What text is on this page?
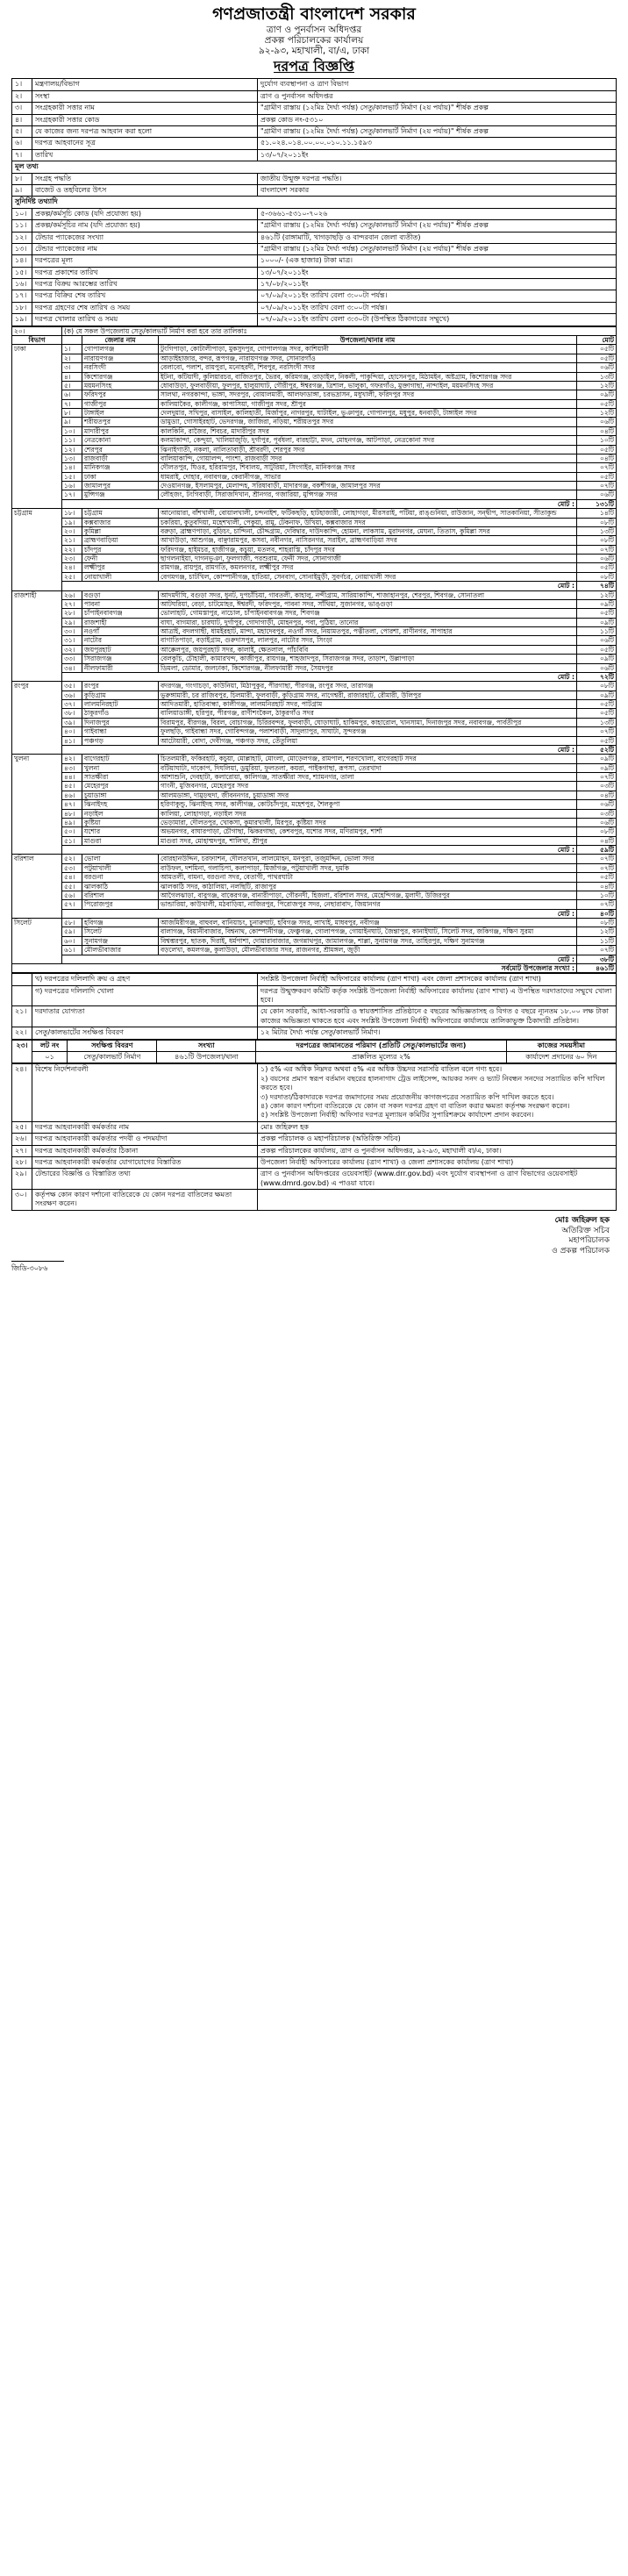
গণপ্রজাতন্ত্রী বাংলাদেশ সরকার
ত্রাণ ও পুনর্বাসন অধিদপ্তর
প্রকল্প পরিচালকের কার্যালয়
৯২-৯৩, মহাখালী, বা/এ, ঢাকা
দরপত্র বিজ্ঞপ্তি
১।	মন্ত্রণালয়/বিভাগ	দুর্যোগ ব্যবস্থাপনা ও ত্রাণ বিভাগ
২।	সংস্থা	ত্রাণ ও পুনর্বাসন অধিদপ্তর
৩।	সংগ্রহকারী সত্তার নাম	"গ্রামীণ রাস্তায় (১২মিঃ দৈর্ঘ্য পর্যন্ত) সেতু/কালভার্ট নির্মাণ (২য় পর্যায়)" শীর্ষক প্রকল্প
৪।	সংগ্রহকারী সত্তার কোড	প্রকল্প কোড নং-৫৩১০
৫।	যে কাজের জন্য দরপত্র আহবান করা হলো	"গ্রামীণ রাস্তায় (১২মিঃ দৈর্ঘ্য পর্যন্ত) সেতু/কালভার্ট নির্মাণ (২য় পর্যায়)" শীর্ষক প্রকল্প
৬।	দরপত্র আহবানের সূত্র	৫১.০২৪.০১৪.০০.০০.০১০.১১.১৫৯৩
৭।	তারিখ	১৩/০৭/২০১১ইং
মূল তথ্য		
৮।	সংগ্রহ পদ্ধতি	জাতীয় উন্মুক্ত দরপত্র পদ্ধতি।
৯।	বাজেট ও তহবিলের উৎস	বাংলাদেশ সরকার
সুনির্দিষ্ট তথ্যাদি		
১০।	প্রকল্প/কর্মসূচি কোড (যদি প্রযোজ্য হয়)	৫-৩৬৬১-৫৩১০-৭০২৬
১১।	প্রকল্প/কর্মসূচির নাম (যদি প্রযোজ্য হয়)	"গ্রামীণ রাস্তায় (১২মিঃ দৈর্ঘ্য পর্যন্ত) সেতু/কালভার্ট নির্মাণ (২য় পর্যায়)" শীর্ষক প্রকল্প
১২।	টেন্ডার প্যাকেজের সংখ্যা	৪৬১টি (রাঙ্গামাটি, খাগড়াছড়ি ও বান্দরবান জেলা ব্যতীত)
১৩।	টেন্ডার প্যাকেজের নাম	"গ্রামীণ রাস্তায় (১২মিঃ দৈর্ঘ্য পর্যন্ত) সেতু/কালভার্ট নির্মাণ (২য় পর্যায়)" শীর্ষক প্রকল্প
১৪।	দরপত্রের মূল্য	১০০০/- (এক হাজার) টাকা মাত্র।
১৫।	দরপত্র প্রকাশের তারিখ	১৩/০৭/২০১১ইং
১৬।	দরপত্র বিক্রয় আরম্ভের তারিখ	১৭/০৮/২০১১ইং
১৭।	দরপত্র বিক্রির শেষ তারিখ	০৭/০৯/২০১১ইং তারিখ বেলা ৩:০০টা পর্যন্ত।
১৮।	দরপত্র গ্রহণের শেষ তারিখ ও সময়	০৭/০৯/২০১১ইং তারিখ বেলা ৩:০০টা পর্যন্ত।
১৯।	দরপত্র খোলার তারিখ ও সময়	০৭/০৯/২০১১ইং তারিখ বেলা ৩:৩০টা (উপস্থিত ঠিকাদারের সম্মুখে)
২০।	(ক) যে সকল উপজেলায় সেতু/কালভার্ট নির্মাণ করা হবে তার তালিকাঃ			
বিভাগ		জেলার নাম	উপজেলা/থানার নাম	মোট
ঢাকা	১।	গোপালগঞ্জ	টুংগিপাড়া, কোটালীপাড়া, মুকসুদপুর, গোপালগঞ্জ সদর, কাশিয়ানী	০৫টি
	২।	নারায়ণগঞ্জ	আড়াইহাজার, বন্দর, রূপগঞ্জ, নারায়ণগঞ্জ সদর, সোনারগাঁও	০৫টি
	৩।	নরসিংদী	বেলাবো, পলাশ, রায়পুরা, মনোহরদী, শিবপুর, নরসিংদী সদর	০৬টি
	৪।	কিশোরগঞ্জ	ইটনা, কটিয়াদী, কুলিয়ারচর, বাজিতপুর, ভৈরব, করিমগঞ্জ, তাড়াইল, নিকলী, পাকুন্দিয়া, হোসেনপুর, মিঠামইন, অষ্টগ্রাম, কিশোরগঞ্জ সদর	১৩টি
	৫।	ময়মনসিংহ	ধোবাউড়া, ফুলবাড়ীয়া, ফুলপুর, হালুয়াঘাট, গৌরীপুর, ঈশ্বরগঞ্জ, ত্রিশাল, ভালুকা, গফরগাঁও, মুক্তাগাছা, নান্দাইল, ময়মনসিংহ সদর	১২টি
	৬।	ফরিদপুর	সালথা, নগরকান্দা, ভাঙ্গা, সদরপুর, বোয়ালমারী, আলফাডাঙ্গা, চরভদ্রাসন, মধুখালী, ফরিদপুর সদর	০৯টি
	৭।	গাজীপুর	কালিয়াকৈর, কালীগঞ্জ, কাপাসিয়া, গাজীপুর সদর, শ্রীপুর	০৫টি
	৮।	টাঙ্গাইল	দেলদুয়ার, সখিপুর, বাসাইল, কালিহাতী, মির্জাপুর, নাগরপুর, ঘাটাইল, ভূঞাপুর, গোপালপুর, মধুপুর, ধনবাড়ী, টাঙ্গাইল সদর	১২টি
	৯।	শরীয়তপুর	ডামুড্যা, গোসাইরহাট, ভেদরগঞ্জ, জাজিরা, নড়িয়া, শরীয়তপুর সদর	০৬টি
	১০।	মাদারীপুর	কালকিনি, রাজৈর, শিবচর, মাদারীপুর সদর	০৪টি
	১১।	নেত্রকোনা	কলমাকান্দা, কেন্দুয়া, খালিয়াজুড়ি, দুর্গাপুর, পূর্বধলা, বারহাট্টা, মদন, মোহনগঞ্জ, আটপাড়া, নেত্রকোনা সদর	১০টি
	১২।	শেরপুর	ঝিনাইগাতী, নকলা, নালিতাবাড়ী, শ্রীবরদী, শেরপুর সদর	০৫টি
	১৩।	রাজবাড়ী	বালিয়াকান্দি, গোয়ালন্দ, পাংশা, রাজবাড়ী সদর	০৪টি
	১৪।	মানিকগঞ্জ	দৌলতপুর, ঘিওর, হরিরামপুর, শিবালয়, সাটুরিয়া, সিংগাইর, মানিকগঞ্জ সদর	০৭টি
	১৫।	ঢাকা	ধামরাই, দোহার, নবাবগঞ্জ, কেরানীগঞ্জ, সাভার	০৫টি
	১৬।	জামালপুর	দেওয়ানগঞ্জ, ইসলামপুর, মেলান্দহ, সরিষাবাড়ী, মাদারগঞ্জ, বকশীগঞ্জ, জামালপুর সদর	০৭টি
	১৭।	মুন্সিগঞ্জ	লৌহজং, টংগিবাড়ী, সিরাজদিখান, শ্রীনগর, গজারিয়া, মুন্সিগঞ্জ সদর	০৬টি
	মোট :			১৩১টি
চট্টগ্রাম	১৮।	চট্টগ্রাম	আনোয়ারা, বাঁশখালী, বোয়ালখালী, চন্দনাইশ, ফটিকছড়ি, হাটহাজারী, লোহাগড়া, মীরসরাই, পটিয়া, রাঙ্গুনিয়া, রাউজান, সন্দ্বীপ, সাতকানিয়া, সীতাকুন্ড	১৪টি
	১৯।	কক্সবাজার	চকরিয়া, কুতুবদিয়া, মহেশখালী, পেকুয়া, রামু, টেকনাফ, উখিয়া, কক্সবাজার সদর	০৮টি
	২০।	কুমিল্লা	বরুড়া, ব্রাহ্মণপাড়া, বুড়িচং, চান্দিনা, চৌদ্দগ্রাম, দেবিদ্বার, দাউদকান্দি, হোমনা, লাকসাম, মুরাদনগর, মেঘনা, তিতাস, কুমিল্লা সদর	১৩টি
	২১।	ব্রাহ্মণবাড়িয়া	আখাউড়া, আশুগঞ্জ, বাঞ্ছারামপুর, কসবা, নবীনগর, নাসিরনগর, সরাইল, ব্রাহ্মণবাড়িয়া সদর	০৮টি
	২২।	চাঁদপুর	ফরিদগঞ্জ, হাইমচর, হাজীগঞ্জ, কচুয়া, মতলব, শাহরাস্তি, চাঁদপুর সদর	০৭টি
	২৩।	ফেনী	ছাগলনাইয়া, দাগনভূঞা, ফুলগাজী, পরশুরাম, ফেনী সদর, সোনাগাজী	০৬টি
	২৪।	লক্ষ্মীপুর	রামগঞ্জ, রায়পুর, রামগতি, কমলনগর, লক্ষ্মীপুর সদর	০৫টি
	২৫।	নোয়াখালী	বেগমগঞ্জ, চাটখিল, কোম্পানীগঞ্জ, হাতিয়া, সেনবাগ, সোনাইমুড়ী, সুবর্ণচর, নোয়াখালী সদর	০৮টি
	মোট :			৭৪টি
রাজশাহী	২৬।	বগুড়া	আদমদীঘি, বগুড়া সদর, ধুনট, দুপচাঁচিয়া, গাবতলী, কাহালু, নন্দীগ্রাম, সারিয়াকান্দি, শাজাহানপুর, শেরপুর, শিবগঞ্জ, সোনাতলা	১২টি
	২৭।	পাবনা	আটঘরিয়া, বেড়া, চাটমোহর, ঈশ্বরদী, ফরিদপুর, পাবনা সদর, সাঁথিয়া, সুজানগর, ভাঙ্গুড়া	০৯টি
	২৮।	চাঁপাইনবাবগঞ্জ	ভোলাহাট, গোমস্তাপুর, নাচোল, চাঁপাইনবাবগঞ্জ সদর, শিবগঞ্জ	০৫টি
	২৯।	রাজশাহী	বাঘা, বাগমারা, চারঘাট, দুর্গাপুর, গোদাগাড়ী, মোহনপুর, পবা, পুঠিয়া, তানোর	০৯টি
	৩০।	নওগাঁ	আত্রাই, বদলগাছী, ধামইরহাট, মান্দা, মহাদেবপুর, নওগাঁ সদর, নিয়ামতপুর, পত্নীতলা, পোরশা, রাণীনগর, সাপাহার	১১টি
	৩১।	নাটোর	বাগাতিপাড়া, বড়াইগ্রাম, গুরুদাসপুর, লালপুর, নাটোর সদর, সিংড়া	০৬টি
	৩২।	জয়পুরহাট	আক্কেলপুর, জয়পুরহাট সদর, কালাই, ক্ষেতলাল, পাঁচবিবি	০৫টি
	৩৩।	সিরাজগঞ্জ	বেলকুচি, চৌহালী, কামারখন্দ, কাজীপুর, রায়গঞ্জ, শাহজাদপুর, সিরাজগঞ্জ সদর, তাড়াশ, উল্লাপাড়া	০৯টি
	৩৪।	নীলফামারী	ডিমলা, ডোমার, জলঢাকা, কিশোরগঞ্জ, নীলফামারী সদর, সৈয়দপুর	০৬টি
	মোট :			৭২টি
রংপুর	৩৫।	রংপুর	বদরগঞ্জ, গংগাচড়া, কাউনিয়া, মিঠাপুকুর, পীরগাছা, পীরগঞ্জ, রংপুর সদর, তারাগঞ্জ	০৮টি
	৩৬।	কুড়িগ্রাম	ভুরুঙ্গামারী, চর রাজিবপুর, চিলমারী, ফুলবাড়ী, কুড়িগ্রাম সদর, নাগেশ্বরী, রাজারহাট, রৌমারী, উলিপুর	০৯টি
	৩৭।	লালমনিরহাট	আদিতমারী, হাতিবান্ধা, কালীগঞ্জ, লালমনিরহাট সদর, পাটগ্রাম	০৫টি
	৩৮।	ঠাকুরগাঁও	বালিয়াডাঙ্গী, হরিপুর, পীরগঞ্জ, রাণীশংকৈল, ঠাকুরগাঁও সদর	০৫টি
	৩৯।	দিনাজপুর	বিরামপুর, বীরগঞ্জ, বিরল, বোচাগঞ্জ, চিরিরবন্দর, ফুলবাড়ী, ঘোড়াঘাট, হাকিমপুর, কাহারোল, খানসামা, দিনাজপুর সদর, নবাবগঞ্জ, পার্বতীপুর	১৩টি
	৪০।	গাইবান্ধা	ফুলছড়ি, গাইবান্ধা সদর, গোবিন্দগঞ্জ, পলাশবাড়ী, সাদুল্যাপুর, সাঘাটা, সুন্দরগঞ্জ	০৭টি
	৪১।	পঞ্চগড়	আটোয়ারী, বোদা, দেবীগঞ্জ, পঞ্চগড় সদর, তেঁতুলিয়া	০৫টি
	মোট :			৫২টি
খুলনা	৪২।	বাগেরহাট	চিতলমারী, ফকিরহাট, কচুয়া, মোল্লাহাট, মোংলা, মোড়েলগঞ্জ, রামপাল, শরণখোলা, বাগেরহাট সদর	০৯টি
	৪৩।	খুলনা	বটিয়াঘাটা, দাকোপ, দিঘলিয়া, ডুমুরিয়া, ফুলতলা, কয়রা, পাইকগাছা, রূপসা, তেরখাদা	০৯টি
	৪৪।	সাতক্ষীরা	আশাশুনি, দেবহাটা, কলারোয়া, কালিগঞ্জ, সাতক্ষীরা সদর, শ্যামনগর, তালা	০৭টি
	৪৫।	মেহেরপুর	গাংনী, মুজিবনগর, মেহেরপুর সদর	০৩টি
	৪৬।	চুয়াডাঙ্গা	আলমডাঙ্গা, দামুড়হুদা, জীবননগর, চুয়াডাঙ্গা সদর	০৪টি
	৪৭।	ঝিনাইদহ	হরিণাকুন্ডু, ঝিনাইদহ সদর, কালীগঞ্জ, কোটচাঁদপুর, মহেশপুর, শৈলকুপা	০৬টি
	৪৮।	নড়াইল	কালিয়া, লোহাগড়া, নড়াইল সদর	০৩টি
	৪৯।	কুষ্টিয়া	ভেড়ামারা, দৌলতপুর, খোকসা, কুমারখালী, মিরপুর, কুষ্টিয়া সদর	০৬টি
	৫০।	যশোর	অভয়নগর, বাঘারপাড়া, চৌগাছা, ঝিকরগাছা, কেশবপুর, যশোর সদর, মণিরামপুর, শার্শা	০৮টি
	৫১।	মাগুরা	মাগুরা সদর, মোহাম্মদপুর, শালিখা, শ্রীপুর	০৪টি
	মোট :			৫৯টি
বরিশাল	৫২।	ভোলা	বোরহানউদ্দিন, চরফ্যাশন, দৌলতখান, লালমোহন, মনপুরা, তজুমদ্দিন, ভোলা সদর	০৭টি
	৫৩।	পটুয়াখালী	বাউফল, দশমিনা, গলাচিপা, কলাপাড়া, মির্জাগঞ্জ, পটুয়াখালী সদর, দুমকি	০৭টি
	৫৪।	বরগুনা	আমতলী, বামনা, বরগুনা সদর, বেতাগী, পাথরঘাটা	০৫টি
	৫৫।	ঝালকাঠি	ঝালকাঠি সদর, কাঠালিয়া, নলছিটি, রাজাপুর	০৪টি
	৫৬।	বরিশাল	আগৈলঝাড়া, বাবুগঞ্জ, বাকেরগঞ্জ, বানারীপাড়া, গৌরনদী, হিজলা, বরিশাল সদর, মেহেন্দিগঞ্জ, মুলাদী, উজিরপুর	১০টি
	৫৭।	পিরোজপুর	ভান্ডারিয়া, কাউখালী, মঠবাড়িয়া, নাজিরপুর, পিরোজপুর সদর, নেছারাবাদ, জিয়ানগর	০৭টি
	মোট :			৪০টি
সিলেট	৫৮।	হবিগঞ্জ	আজমিরীগঞ্জ, বাহুবল, বানিয়াচং, চুনারুঘাট, হবিগঞ্জ সদর, লাখাই, মাধবপুর, নবীগঞ্জ	০৮টি
	৫৯।	সিলেট	বালাগঞ্জ, বিয়ানীবাজার, বিশ্বনাথ, কোম্পানীগঞ্জ, ফেঞ্চুগঞ্জ, গোলাপগঞ্জ, গোয়াইনঘাট, জৈন্তাপুর, কানাইঘাট, সিলেট সদর, জকিগঞ্জ, দক্ষিণ সুরমা	১২টি
	৬০।	সুনামগঞ্জ	বিশ্বম্ভরপুর, ছাতক, দিরাই, ধর্মপাশা, দোয়ারাবাজার, জগন্নাথপুর, জামালগঞ্জ, শাল্লা, সুনামগঞ্জ সদর, তাহিরপুর, দক্ষিণ সুনামগঞ্জ	১১টি
	৬১।	মৌলভীবাজার	বড়লেখা, কমলগঞ্জ, কুলাউড়া, মৌলভীবাজার সদর, রাজনগর, শ্রীমঙ্গল, জুড়ী	০৭টি
	মোট :			৩৮টি
সর্বমোট উপজেলার সংখ্যা :				৪৬১টি
	খ) দরপত্রের দলিলাদি ক্রয় ও গ্রহণ	সংশ্লিষ্ট উপজেলা নির্বাহী অফিসারের কার্যালয় (ত্রাণ শাখা) এবং জেলা প্রশাসকের কার্যালয় (ত্রাণ শাখা)
	গ) দরপত্রের দলিলাদি খোলা	দরপত্র উন্মুক্তকরণ কমিটি কর্তৃক সংশ্লিষ্ট উপজেলা নির্বাহী অফিসারের কার্যালয় (ত্রাণ শাখা) এ উপস্থিত দরদাতাদের সম্মুখে খোলা হবে।
২১।	দরদাতার যোগ্যতা	যে কোন সরকারি, আধা-সরকারি ও স্বায়ত্তশাসিত প্রতিষ্ঠানে ৫ বছরের অভিজ্ঞতাসহ ও বিগত ৫ বছরে ন্যূনতম ১৮.০০ লক্ষ টাকা কাজের অভিজ্ঞতা থাকতে হবে এবং সংশ্লিষ্ট উপজেলা নির্বাহী অফিসারের কার্যালয়ে তালিকাভুক্ত ঠিকাদারী প্রতিষ্ঠান।
২২।	সেতু/কালভার্টের সংক্ষিপ্ত বিবরণ	১২ মিটার দৈর্ঘ্য পর্যন্ত সেতু/কালভার্ট নির্মাণ।
২৩।	লট নং	সংক্ষিপ্ত বিবরণ	সংখ্যা	দরপত্রের জামানতের পরিমাণ (প্রতিটি সেতু/কালভার্টের জন্য)	কাজের সময়সীমা
	০১	সেতু/কালভার্ট নির্মাণ	৪৬১টি উপজেলা/থানা	প্রাক্কলিত মূল্যের ২%	কার্যাদেশ প্রদানের ৬০ দিন
২৪।	বিশেষ নির্দেশনাবলী	১) ৫% এর অধিক নিম্নদর অথবা ৫% এর অধিক উচ্চদর সরাসরি বাতিল বলে গণ্য হবে।
২) বয়সের প্রমাণ স্বরূপ বর্তমান বছরের হালনাগাদ ট্রেড লাইসেন্স, আয়কর সনদ ও ভ্যাট নিবন্ধন সনদের সত্যায়িত কপি দাখিল করতে হবে।
৩) দরদাতা/ঠিকাদারকে দরপত্র জমাদানের সময় প্রয়োজনীয় কাগজপত্রের সত্যায়িত কপি দাখিল করতে হবে।
৪) কোন কারণ দর্শানো ব্যতিরেকে যে কোন বা সকল দরপত্র গ্রহণ বা বাতিল করার ক্ষমতা কর্তৃপক্ষ সংরক্ষণ করেন।
৫) সংশ্লিষ্ট উপজেলা নির্বাহী অফিসার দরপত্র মূল্যায়ন কমিটির সুপারিশক্রমে কার্যাদেশ প্রদান করবেন।

২৫।	দরপত্র আহবানকারী কর্মকর্তার নাম	মোঃ জহিরুল হক
২৬।	দরপত্র আহবানকারী কর্মকর্তার পদবী ও পদমর্যাদা	প্রকল্প পরিচালক ও মহাপরিচালক (অতিরিক্ত সচিব)
২৭।	দরপত্র আহবানকারী কর্মকর্তার ঠিকানা	প্রকল্প পরিচালকের কার্যালয়, ত্রাণ ও পুনর্বাসন অধিদপ্তর, ৯২-৯৩, মহাখালী বা/এ, ঢাকা।
২৮।	দরপত্র আহবানকারী কর্মকর্তার যোগাযোগের বিস্তারিত	উপজেলা নির্বাহী অফিসারের কার্যালয় (ত্রাণ শাখা) ও জেলা প্রশাসকের কার্যালয় (ত্রাণ শাখা)
২৯।	টেন্ডারের বিজ্ঞপ্তি ও বিস্তারিত তথ্য	ত্রাণ ও পুনর্বাসন অধিদপ্তরের ওয়েবসাইট (www.drr.gov.bd) এবং দুর্যোগ ব্যবস্থাপনা ও ত্রাণ বিভাগের ওয়েবসাইট (www.dmrd.gov.bd) এ পাওয়া যাবে।
৩০।	কর্তৃপক্ষ কোন কারণ দর্শানো ব্যতিরেকে যে কোন দরপত্র বাতিলের ক্ষমতা সংরক্ষণ করেন।	
মোঃ জহিরুল হক
অতিরিক্ত সচিব
মহাপরিচালক
ও প্রকল্প পরিচালক
জিডি-৩০৮৬
